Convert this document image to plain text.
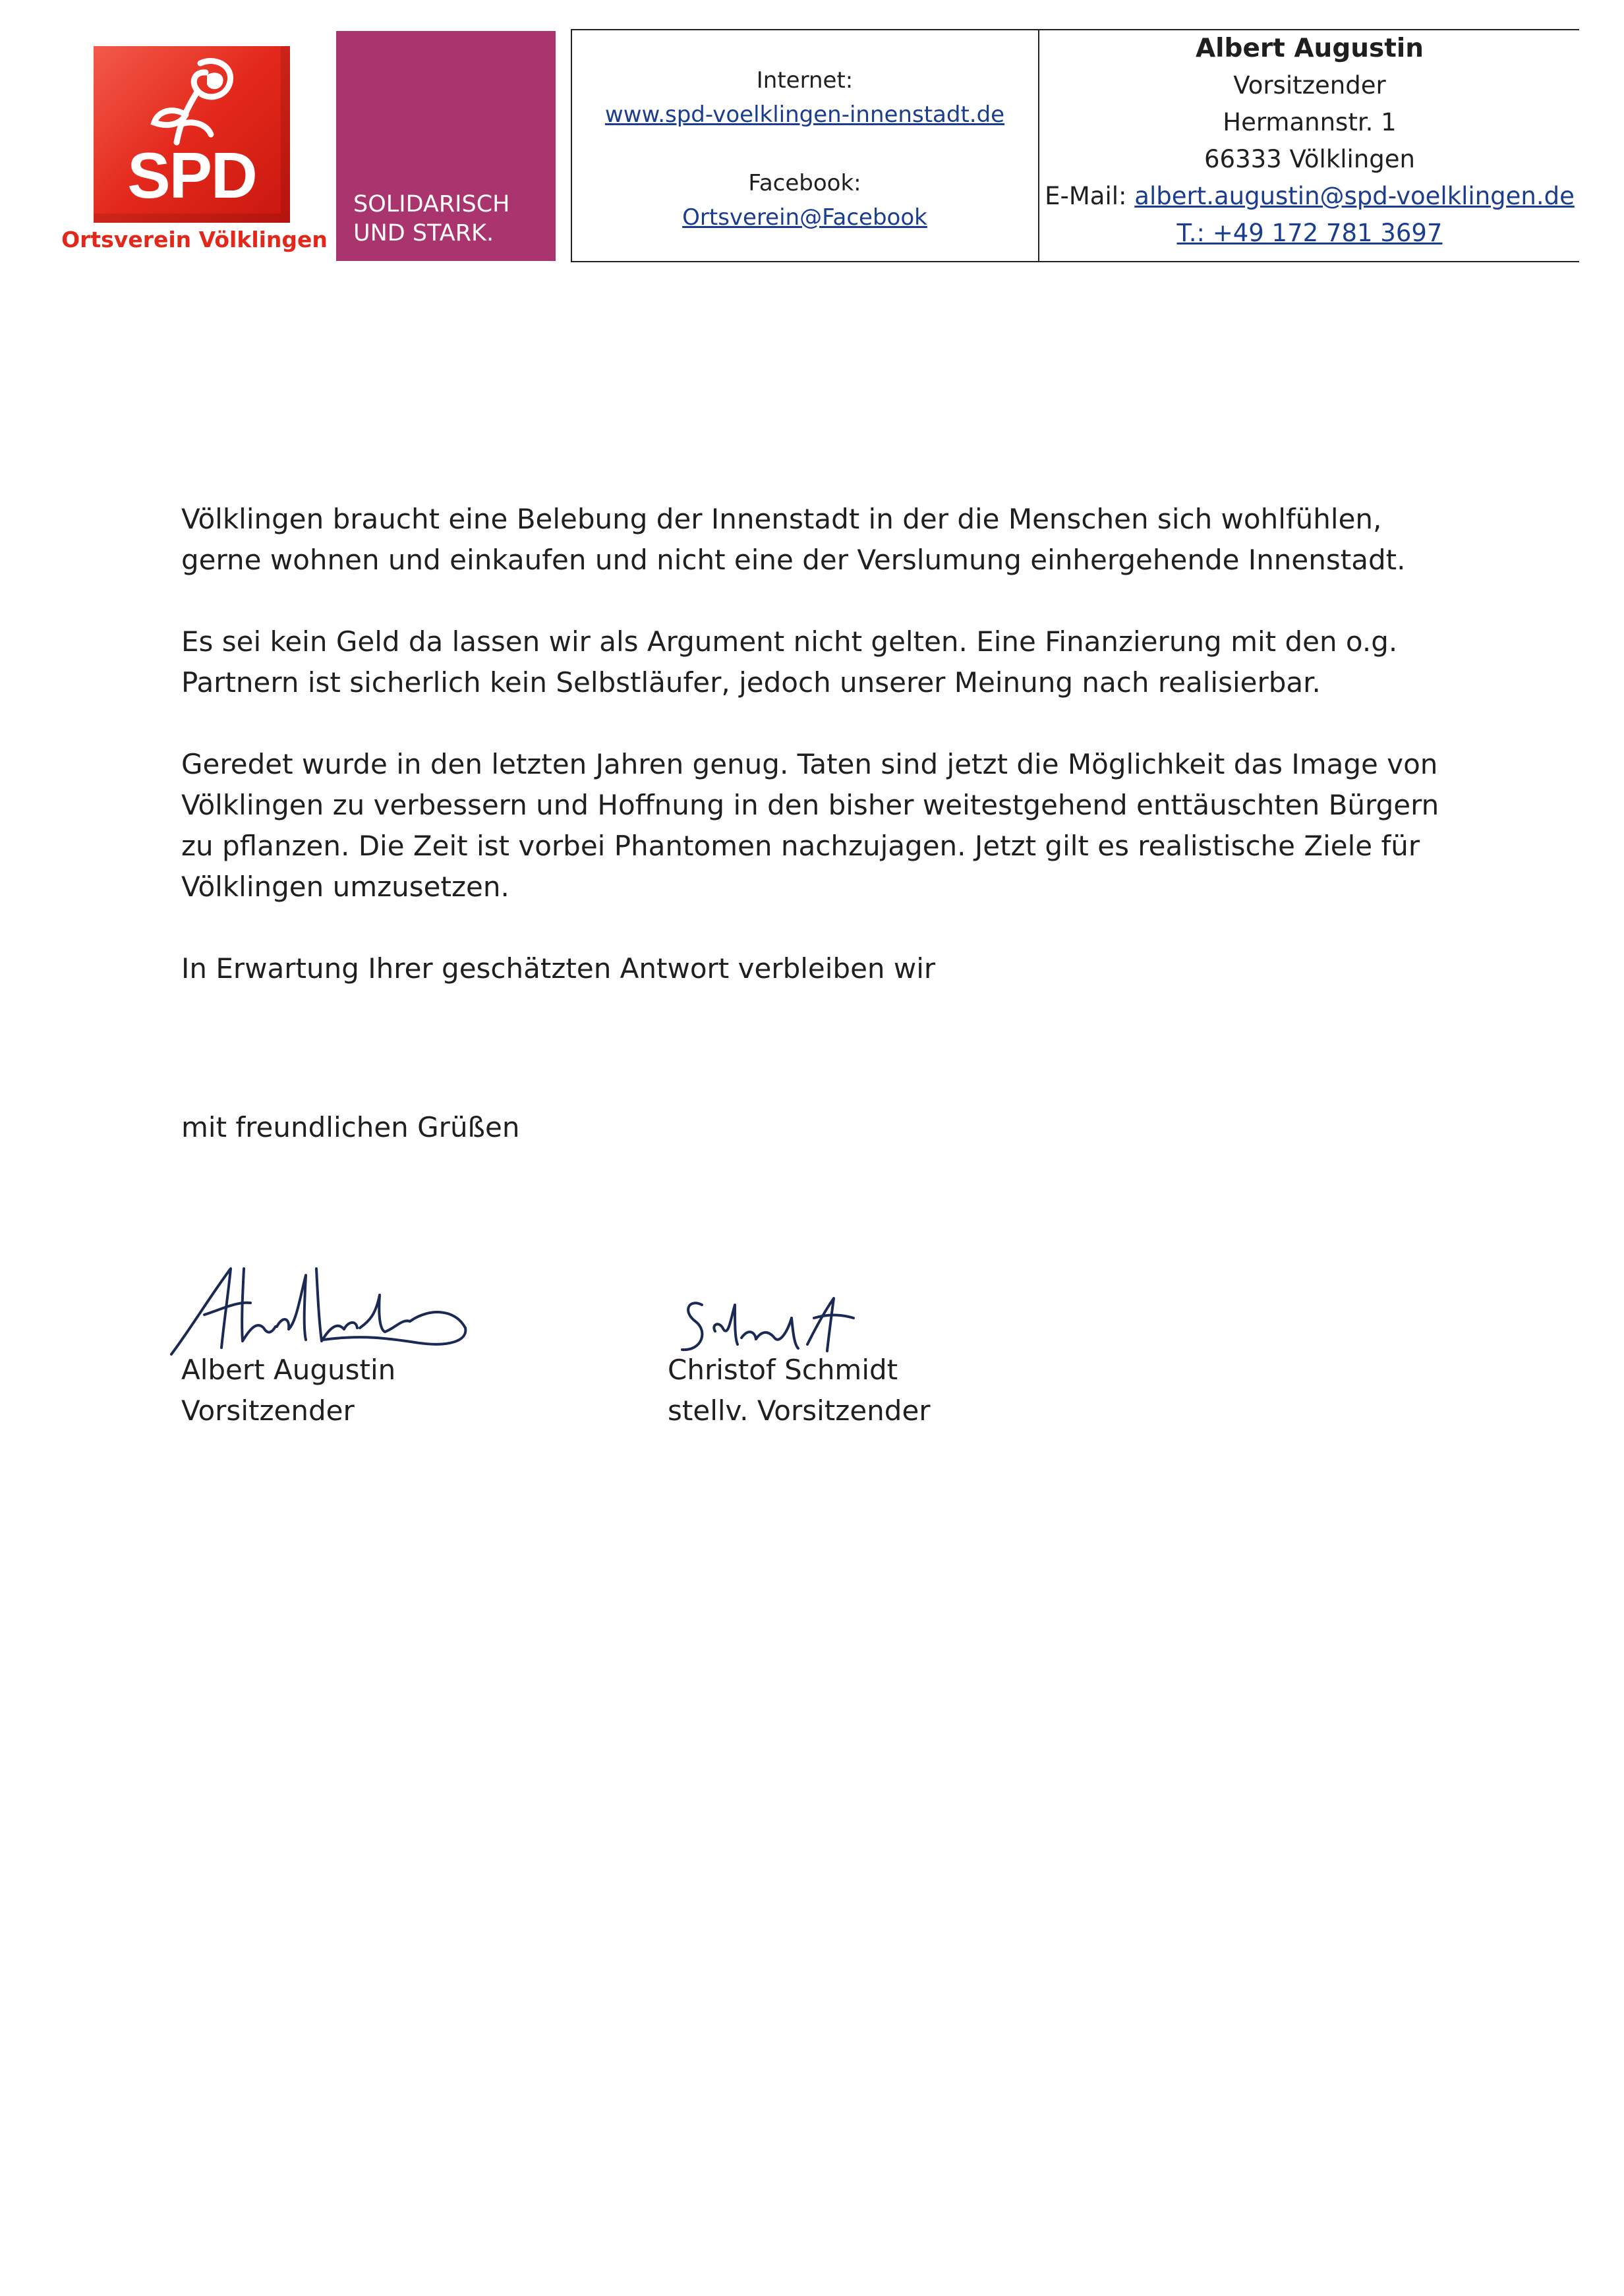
SPD
Ortsverein Völklingen
SOLIDARISCH
UND STARK.
Internet:
www.spd-voelklingen-innenstadt.de
Facebook:
Ortsverein@Facebook
Albert Augustin
Vorsitzender
Hermannstr. 1
66333 Völklingen
E-Mail: albert.augustin@spd-voelklingen.de
T.: +49 172 781 3697

Völklingen braucht eine Belebung der Innenstadt in der die Menschen sich wohlfühlen,
gerne wohnen und einkaufen und nicht eine der Verslumung einhergehende Innenstadt.

Es sei kein Geld da lassen wir als Argument nicht gelten. Eine Finanzierung mit den o.g.
Partnern ist sicherlich kein Selbstläufer, jedoch unserer Meinung nach realisierbar.

Geredet wurde in den letzten Jahren genug. Taten sind jetzt die Möglichkeit das Image von
Völklingen zu verbessern und Hoffnung in den bisher weitestgehend enttäuschten Bürgern
zu pflanzen. Die Zeit ist vorbei Phantomen nachzujagen. Jetzt gilt es realistische Ziele für
Völklingen umzusetzen.

In Erwartung Ihrer geschätzten Antwort verbleiben wir

mit freundlichen Grüßen
Albert Augustin
Vorsitzender
Christof Schmidt
stellv. Vorsitzender
